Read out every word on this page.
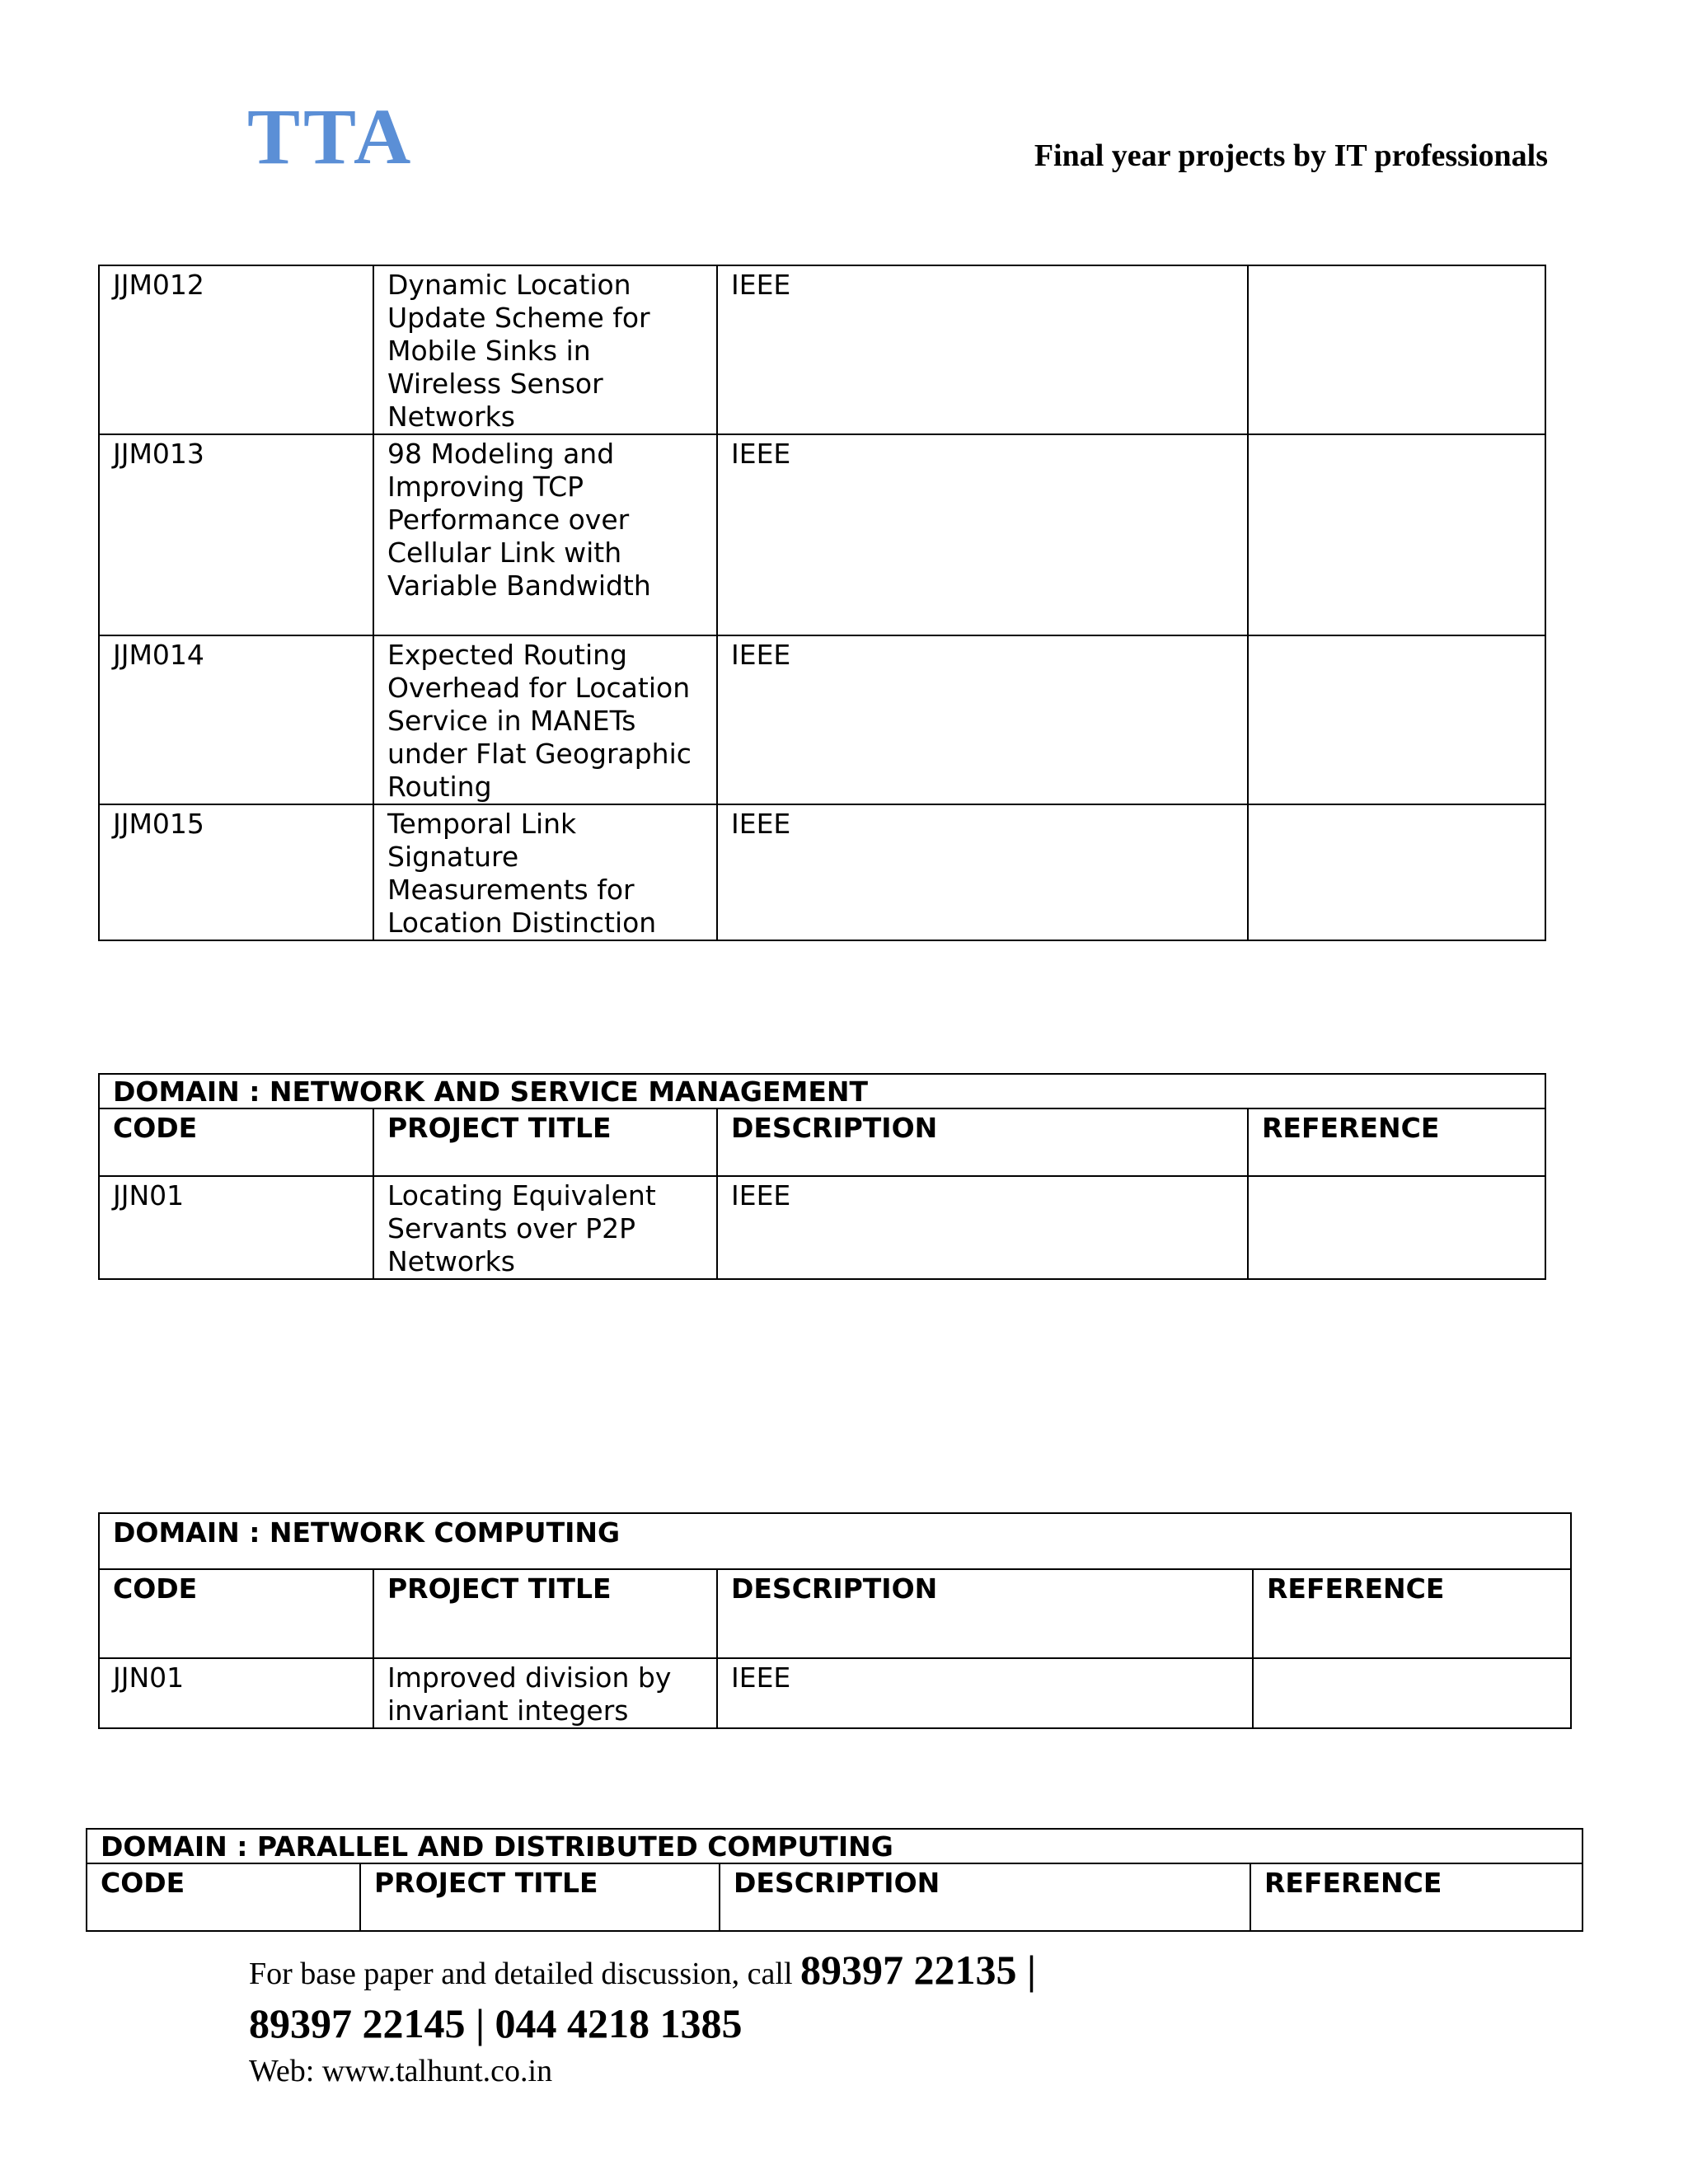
TTA	Final year projects by IT professionals
JJM012	Dynamic Location Update Scheme for Mobile Sinks in Wireless Sensor Networks	IEEE	
JJM013	98 Modeling and Improving TCP Performance over Cellular Link with Variable Bandwidth	IEEE	
JJM014	Expected Routing Overhead for Location Service in MANETs under Flat Geographic Routing	IEEE	
JJM015	Temporal Link Signature Measurements for Location Distinction	IEEE	
DOMAIN : NETWORK AND SERVICE MANAGEMENT			
CODE	PROJECT TITLE	DESCRIPTION	REFERENCE
JJN01	Locating Equivalent Servants over P2P Networks	IEEE	
DOMAIN : NETWORK COMPUTING			
CODE	PROJECT TITLE	DESCRIPTION	REFERENCE
JJN01	Improved division by invariant integers	IEEE	
DOMAIN : PARALLEL AND DISTRIBUTED COMPUTING
CODE	PROJECT TITLE	DESCRIPTION	REFERENCE
For base paper and detailed discussion, call 89397 22135 |
89397 22145 | 044 4218 1385
Web: www.talhunt.co.in
